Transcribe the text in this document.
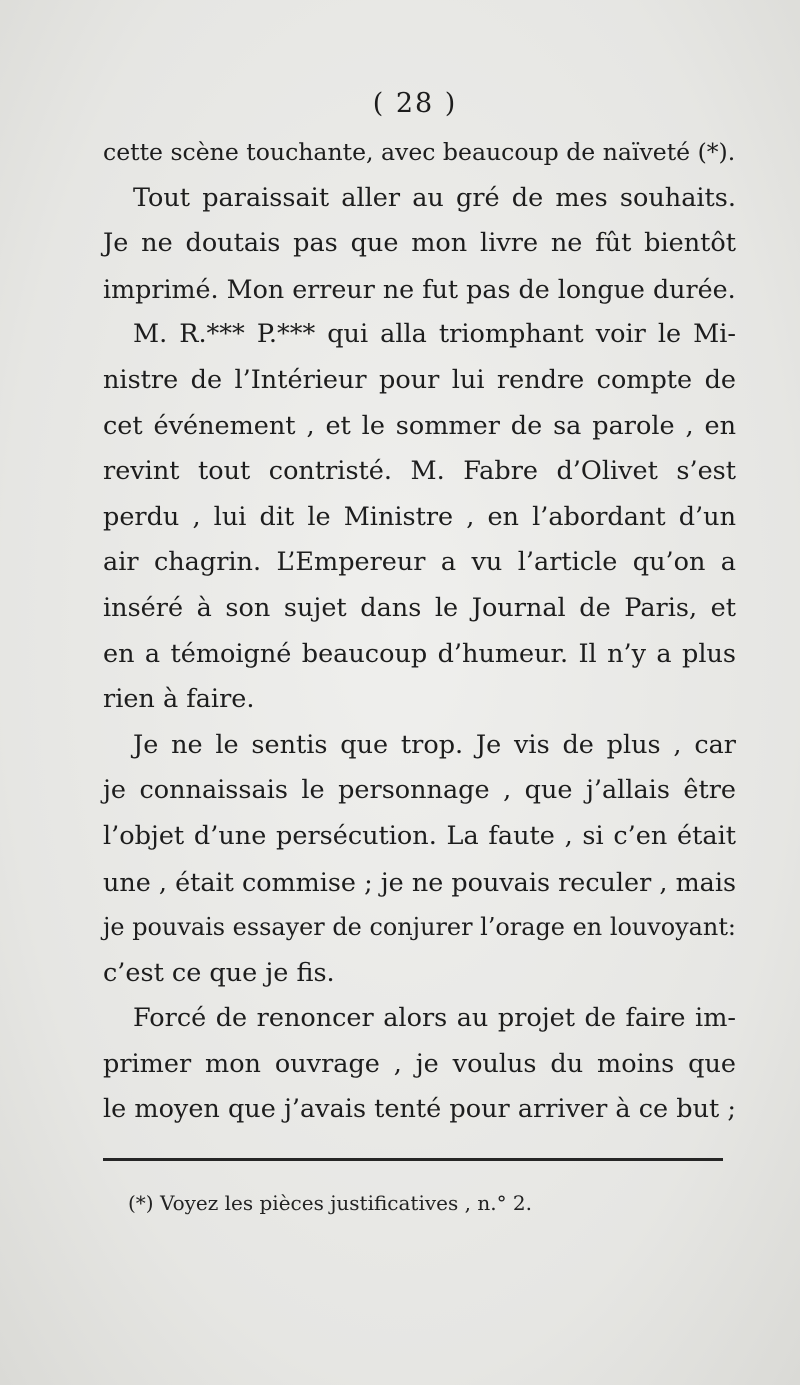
( 28 )
cette scène touchante, avec beaucoup de naïveté (*).
Tout paraissait aller au gré de mes souhaits.
Je ne doutais pas que mon livre ne fût bientôt
imprimé. Mon erreur ne fut pas de longue durée.
M. R.*** P.*** qui alla triomphant voir le Mi-
nistre de l’Intérieur pour lui rendre compte de
cet événement , et le sommer de sa parole , en
revint tout contristé. M. Fabre d’Olivet s’est
perdu , lui dit le Ministre , en l’abordant d’un
air chagrin. L’Empereur a vu l’article qu’on a
inséré à son sujet dans le Journal de Paris, et
en a témoigné beaucoup d’humeur. Il n’y a plus
rien à faire.
Je ne le sentis que trop. Je vis de plus , car
je connaissais le personnage , que j’allais être
l’objet d’une persécution. La faute , si c’en était
une , était commise ; je ne pouvais reculer , mais
je pouvais essayer de conjurer l’orage en louvoyant:
c’est ce que je fis.
Forcé de renoncer alors au projet de faire im-
primer mon ouvrage , je voulus du moins que
le moyen que j’avais tenté pour arriver à ce but ;
(*) Voyez les pièces justificatives , n.° 2.
